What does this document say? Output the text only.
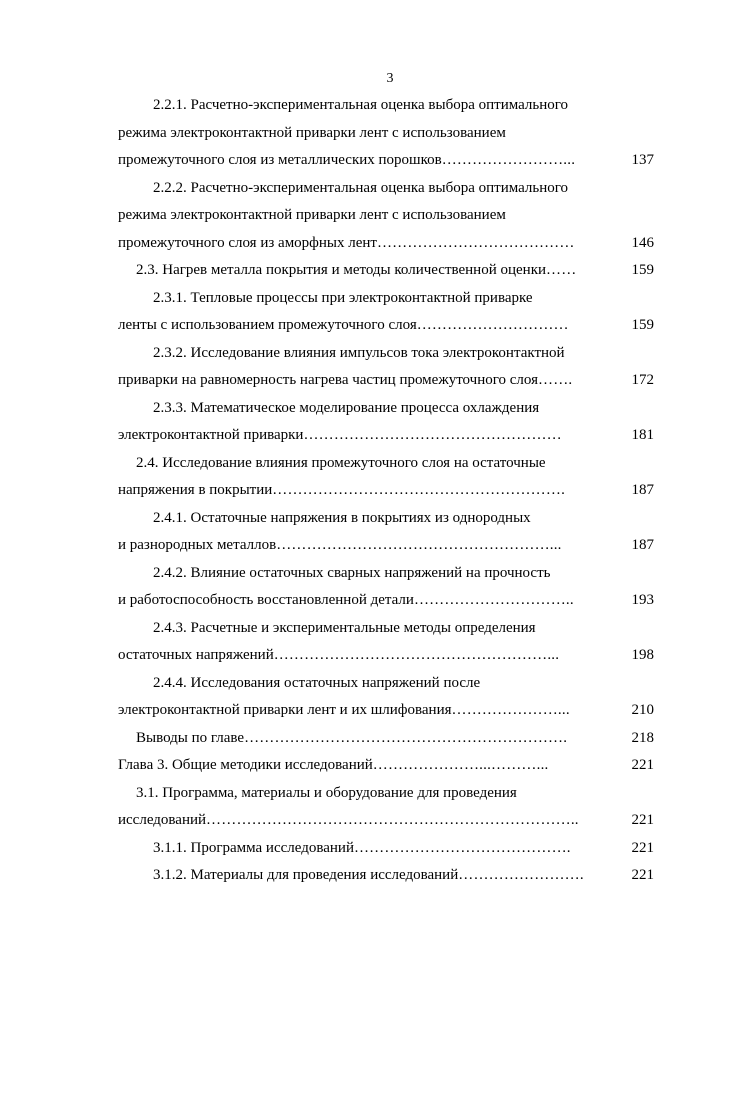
3
2.2.1. Расчетно-экспериментальная оценка выбора оптимального
режима электроконтактной приварки лент с использованием
промежуточного слоя из металлических порошков ……………………...	137
2.2.2. Расчетно-экспериментальная оценка выбора оптимального
режима электроконтактной приварки лент с использованием
промежуточного слоя из аморфных лент …………………………………	146
2.3. Нагрев металла покрытия и методы количественной оценки ……	159
2.3.1. Тепловые процессы при электроконтактной приварке
ленты с использованием промежуточного слоя …………………………	159
2.3.2. Исследование влияния импульсов тока электроконтактной
приварки на равномерность нагрева частиц промежуточного слоя …….	172
2.3.3. Математическое моделирование процесса охлаждения
электроконтактной приварки ……………………………………………	181
2.4. Исследование влияния промежуточного слоя на остаточные
напряжения в покрытии ………………………………………………….	187
2.4.1. Остаточные напряжения в покрытиях из однородных
и разнородных металлов ………………………………………………...	187
2.4.2. Влияние остаточных сварных напряжений на прочность
и работоспособность восстановленной детали …………………………..	193
2.4.3. Расчетные и экспериментальные методы определения
остаточных напряжений ………………………………………………...	198
2.4.4. Исследования остаточных напряжений после
электроконтактной приварки лент и их шлифования …………………...	210
Выводы по главе ……………………………………………………….	218
Глава 3. Общие методики исследований …………………...………...	221
3.1. Программа, материалы и оборудование для проведения
исследований ………………………………………………………………..	221
3.1.1. Программа исследований …………………………………….	221
3.1.2. Материалы для проведения исследований …………………….	221
